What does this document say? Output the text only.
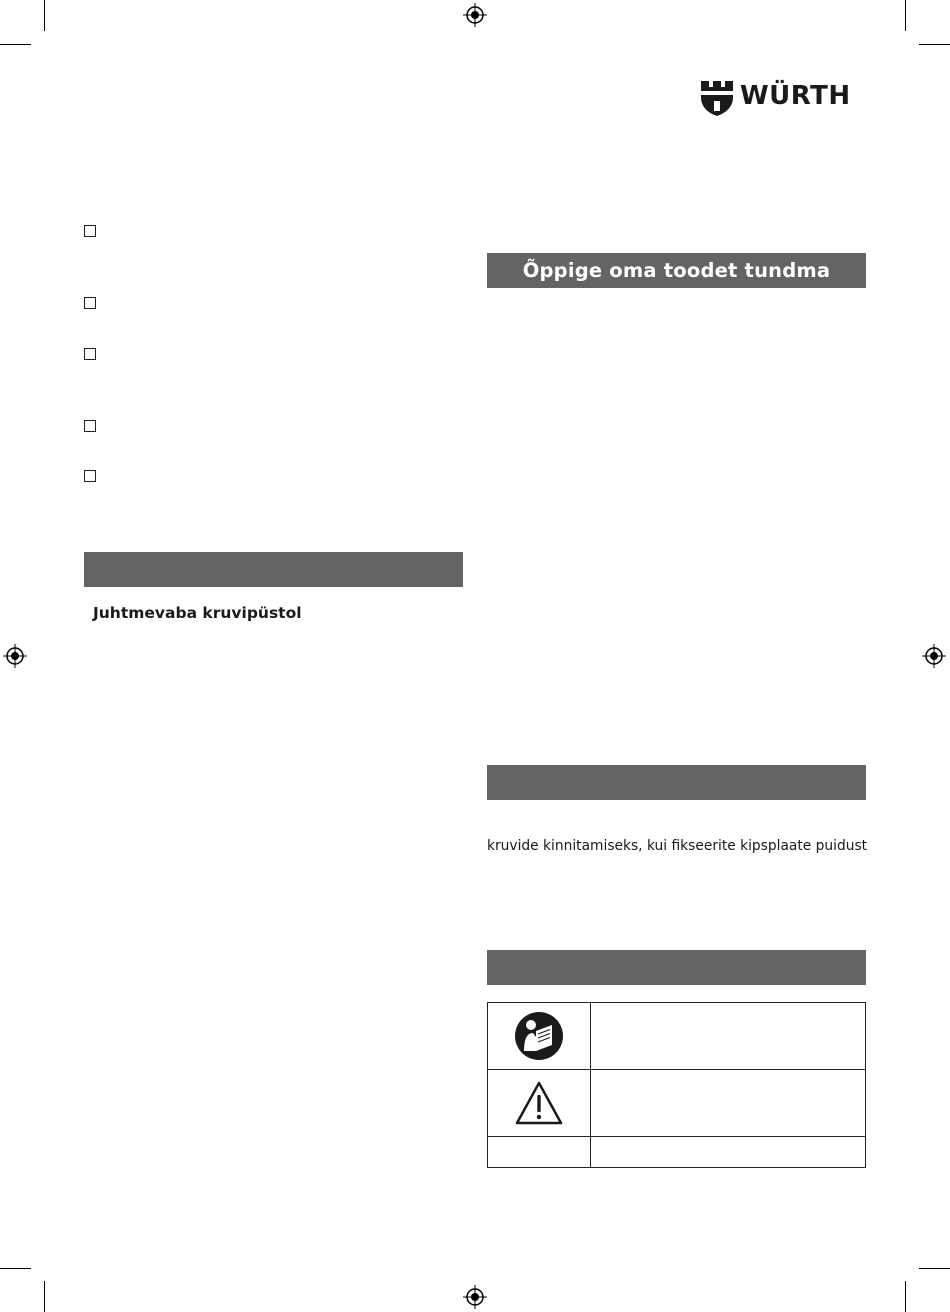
WÜRTH
Juhtmevaba kruvipüstol
Õppige oma toodet tundma
kruvide kinnitamiseks, kui fikseerite kipsplaate puidust
